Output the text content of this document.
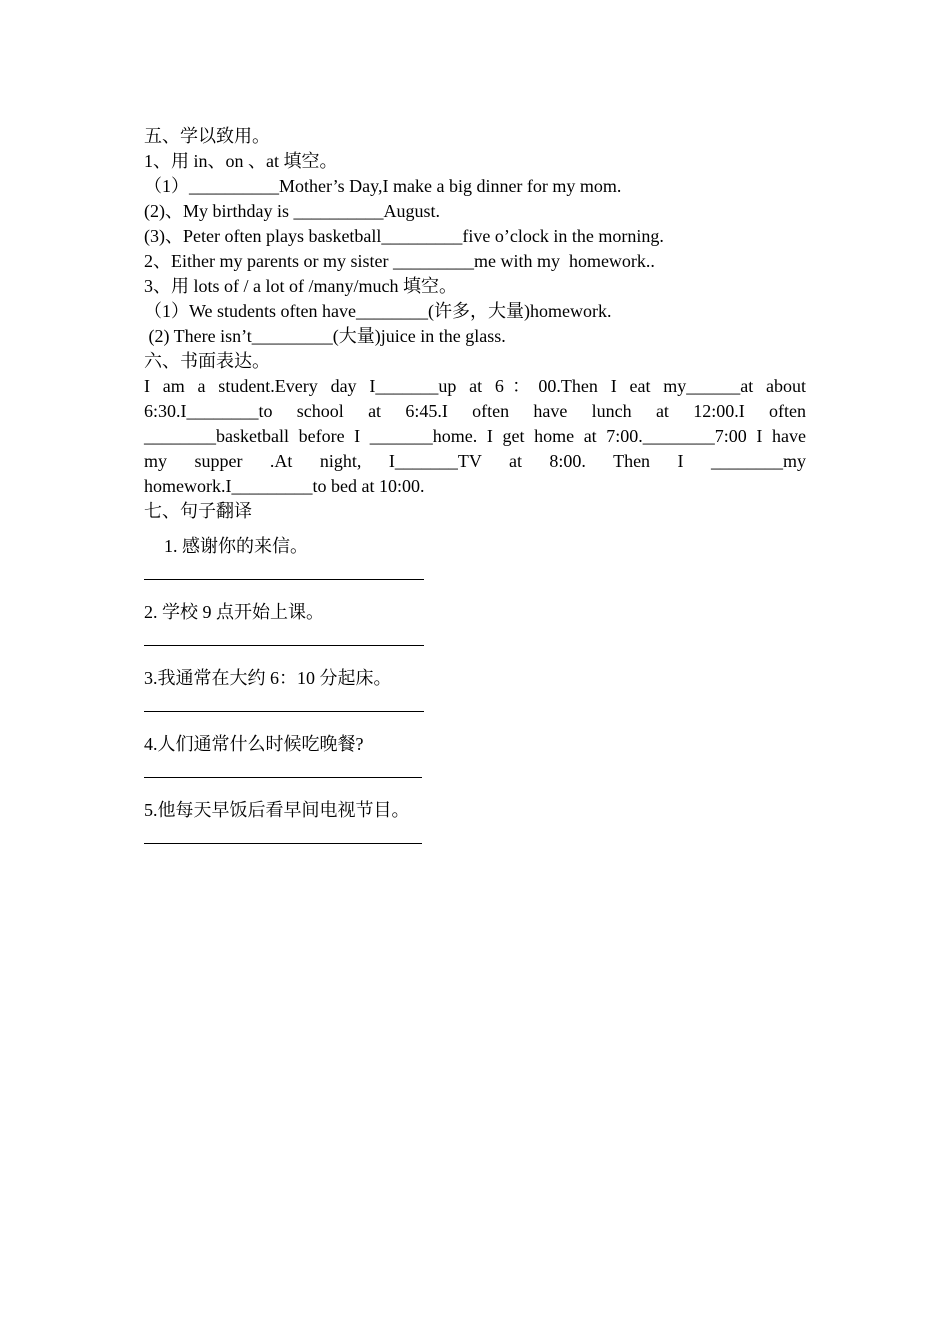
五、学以致用。
1、用 in、on 、at 填空。
（1）__________Mother’s Day,I make a big dinner for my mom.
(2)、My birthday is __________August.
(3)、Peter often plays basketball_________five o’clock in the morning.
2、Either my parents or my sister _________me with my  homework..
3、用 lots of / a lot of /many/much 填空。
（1）We students often have________(许多，大量)homework.
(2) There isn’t_________(大量)juice in the glass.
六、书面表达。
I am a student.Every day I_______up at 6：00.Then I eat my______at about
6:30.I________to school at 6:45.I often have lunch at 12:00.I often
________basketball before I _______home. I get home at 7:00.________7:00 I have
my supper .At night, I_______TV at 8:00. Then I ________my
homework.I_________to bed at 10:00.
七、句子翻译
1. 感谢你的来信。
2. 学校 9 点开始上课。
3.我通常在大约 6：10 分起床。
4.人们通常什么时候吃晚餐?
5.他每天早饭后看早间电视节目。
